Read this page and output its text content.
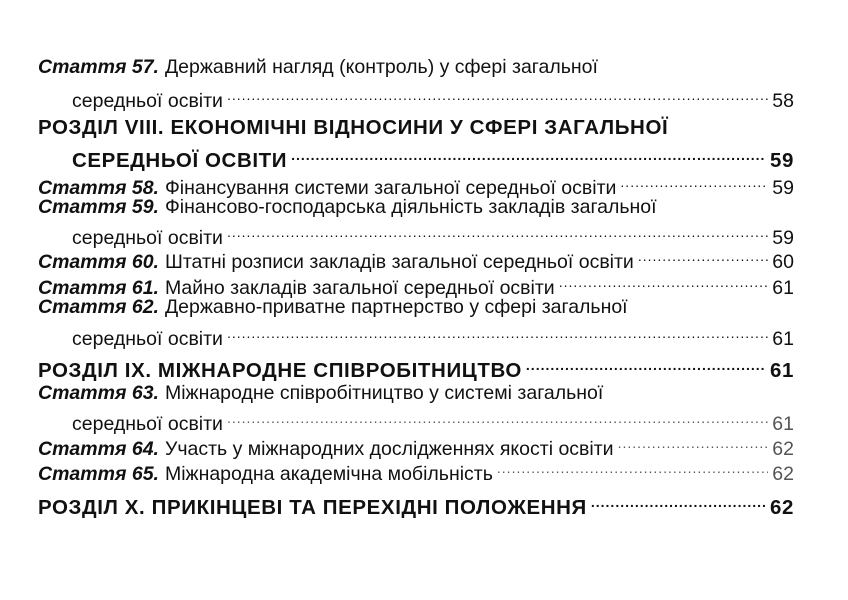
Стаття 57. Державний нагляд (контроль) у сфері загальної
середньої освіти .....	58
РОЗДІЛ VIII. ЕКОНОМІЧНІ ВІДНОСИНИ У СФЕРІ ЗАГАЛЬНОЇ
СЕРЕДНЬОЇ ОСВІТИ .....	59
Стаття 58. Фінансування системи загальної середньої освіти .....	59
Стаття 59. Фінансово-господарська діяльність закладів загальної
середньої освіти .....	59
Стаття 60. Штатні розписи закладів загальної середньої освіти .....	60
Стаття 61. Майно закладів загальної середньої освіти .....	61
Стаття 62. Державно-приватне партнерство у сфері загальної
середньої освіти .....	61
РОЗДІЛ IX. МІЖНАРОДНЕ СПІВРОБІТНИЦТВО .....	61
Стаття 63. Міжнародне співробітництво у системі загальної
середньої освіти .....	61
Стаття 64. Участь у міжнародних дослідженнях якості освіти .....	62
Стаття 65. Міжнародна академічна мобільність .....	62
РОЗДІЛ X. ПРИКІНЦЕВІ ТА ПЕРЕХІДНІ ПОЛОЖЕННЯ .....	62
